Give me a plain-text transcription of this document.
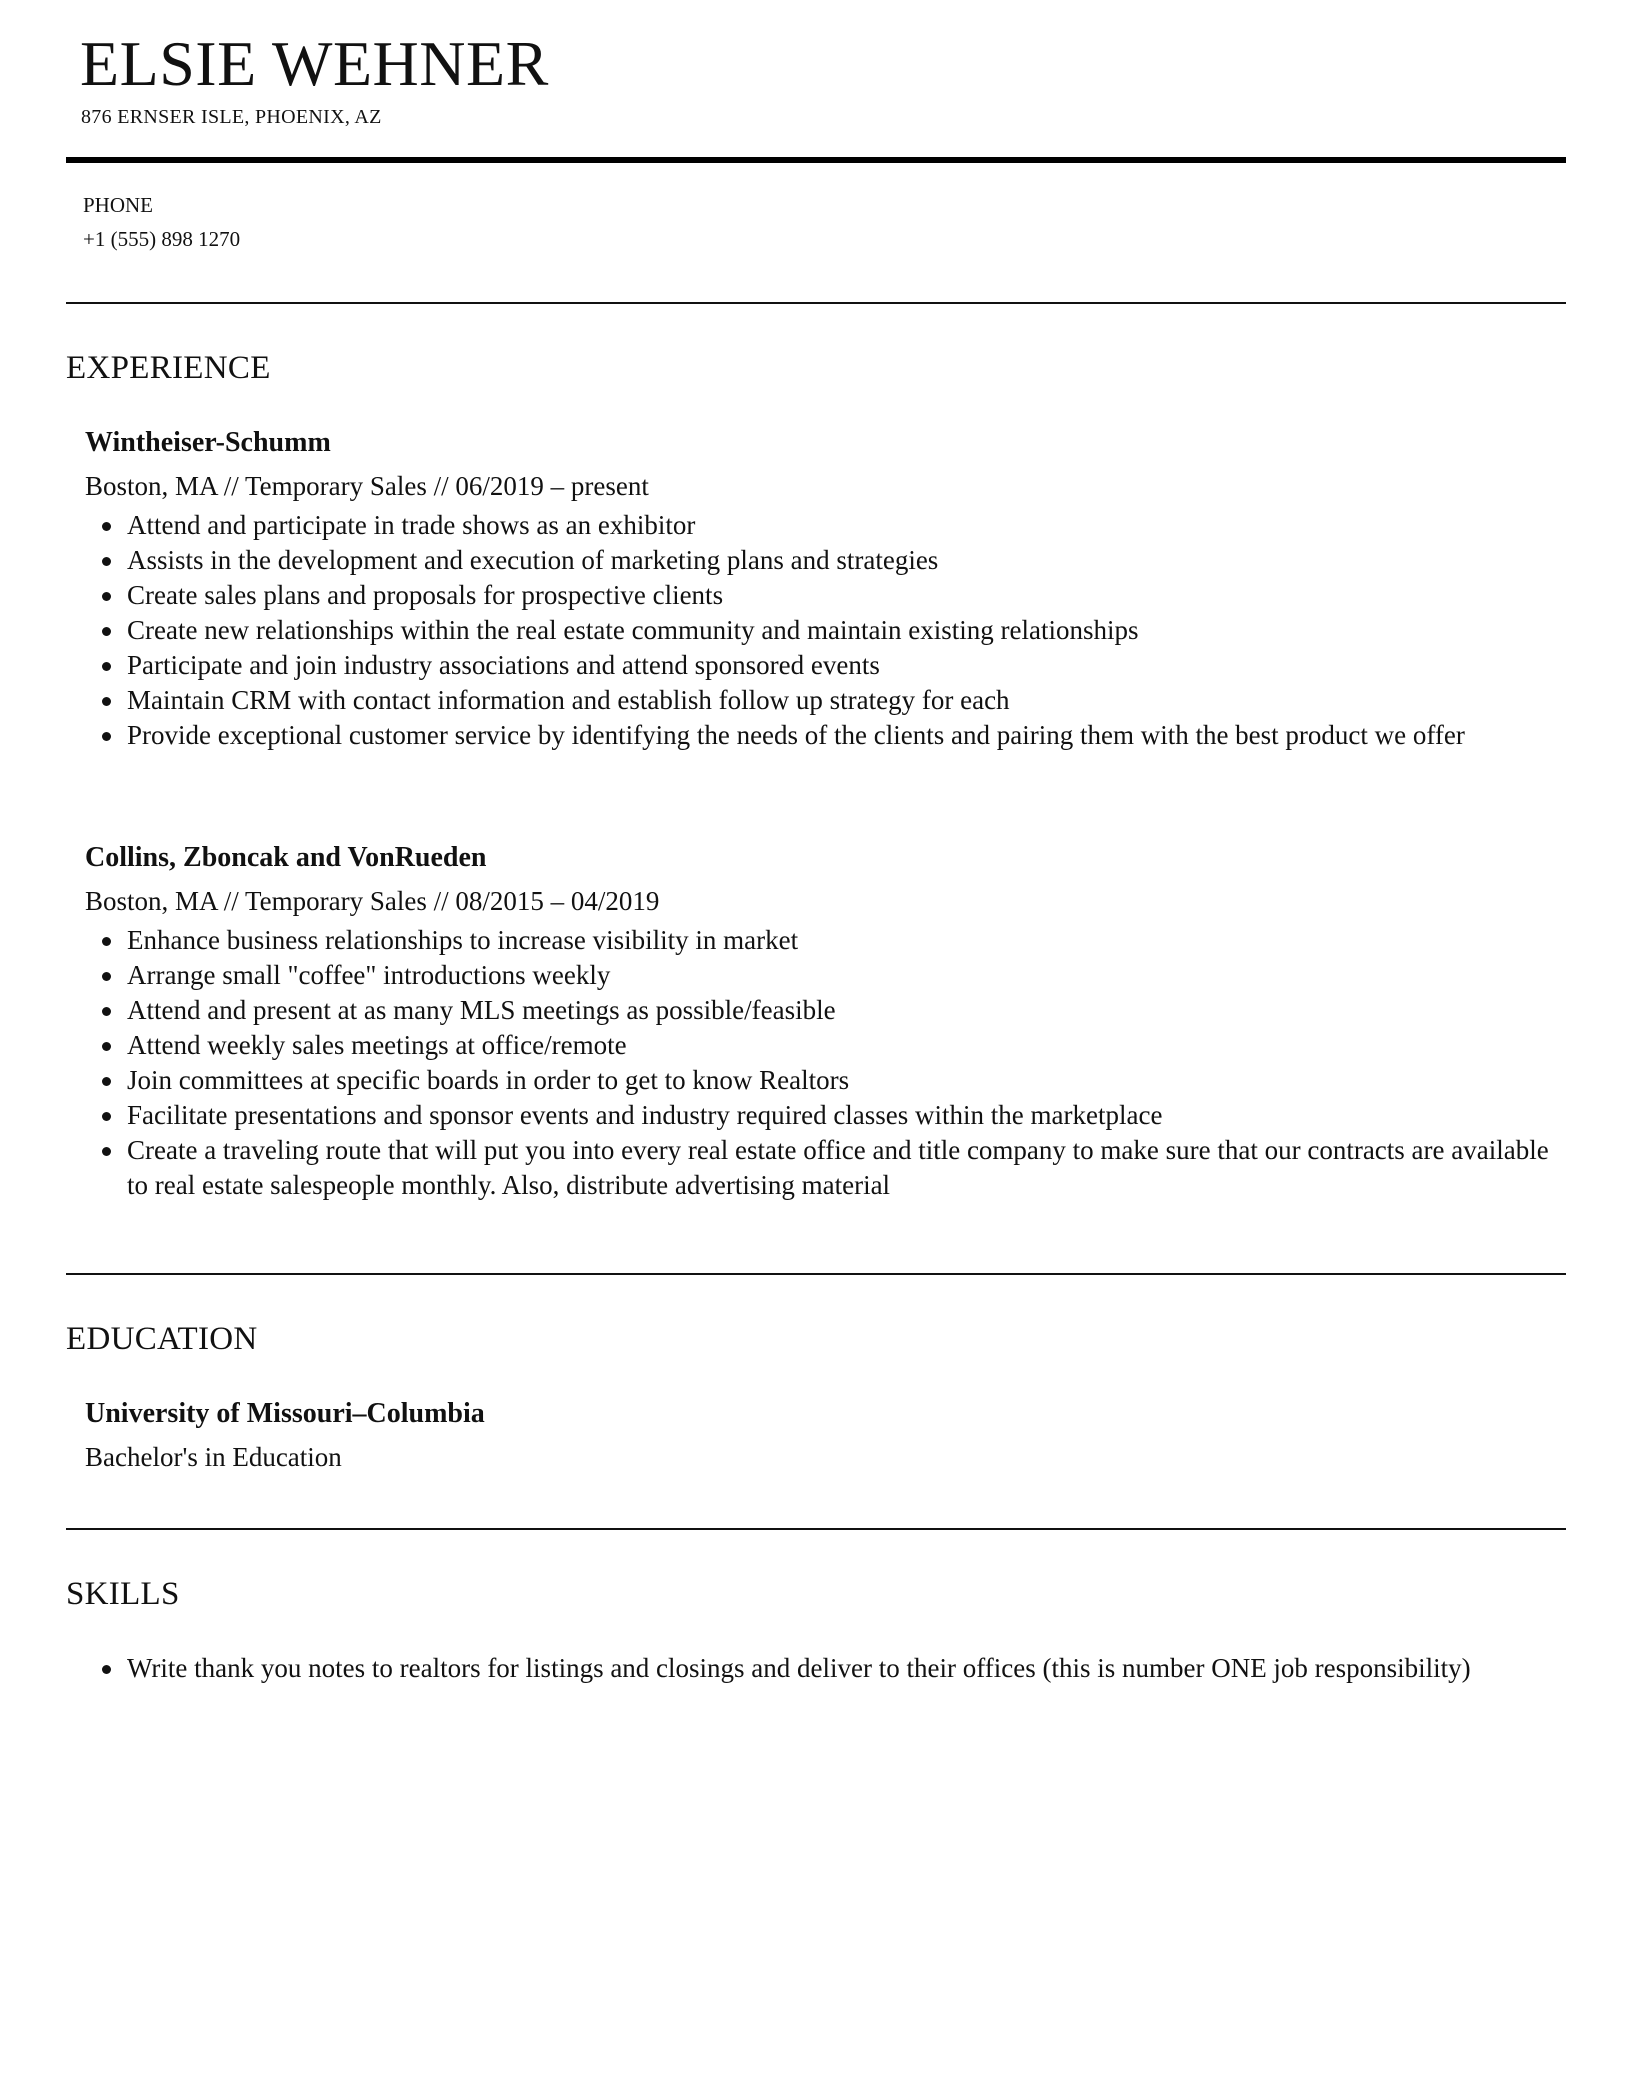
ELSIE WEHNER
876 ERNSER ISLE, PHOENIX, AZ
PHONE
+1 (555) 898 1270
EXPERIENCE
Wintheiser-Schumm
Boston, MA // Temporary Sales // 06/2019 – present
Attend and participate in trade shows as an exhibitor
Assists in the development and execution of marketing plans and strategies
Create sales plans and proposals for prospective clients
Create new relationships within the real estate community and maintain existing relationships
Participate and join industry associations and attend sponsored events
Maintain CRM with contact information and establish follow up strategy for each
Provide exceptional customer service by identifying the needs of the clients and pairing them with the best product we offer
Collins, Zboncak and VonRueden
Boston, MA // Temporary Sales // 08/2015 – 04/2019
Enhance business relationships to increase visibility in market
Arrange small "coffee" introductions weekly
Attend and present at as many MLS meetings as possible/feasible
Attend weekly sales meetings at office/remote
Join committees at specific boards in order to get to know Realtors
Facilitate presentations and sponsor events and industry required classes within the marketplace
Create a traveling route that will put you into every real estate office and title company to make sure that our contracts are available to real estate salespeople monthly. Also, distribute advertising material
EDUCATION
University of Missouri–Columbia
Bachelor's in Education
SKILLS
Write thank you notes to realtors for listings and closings and deliver to their offices (this is number ONE job responsibility)
